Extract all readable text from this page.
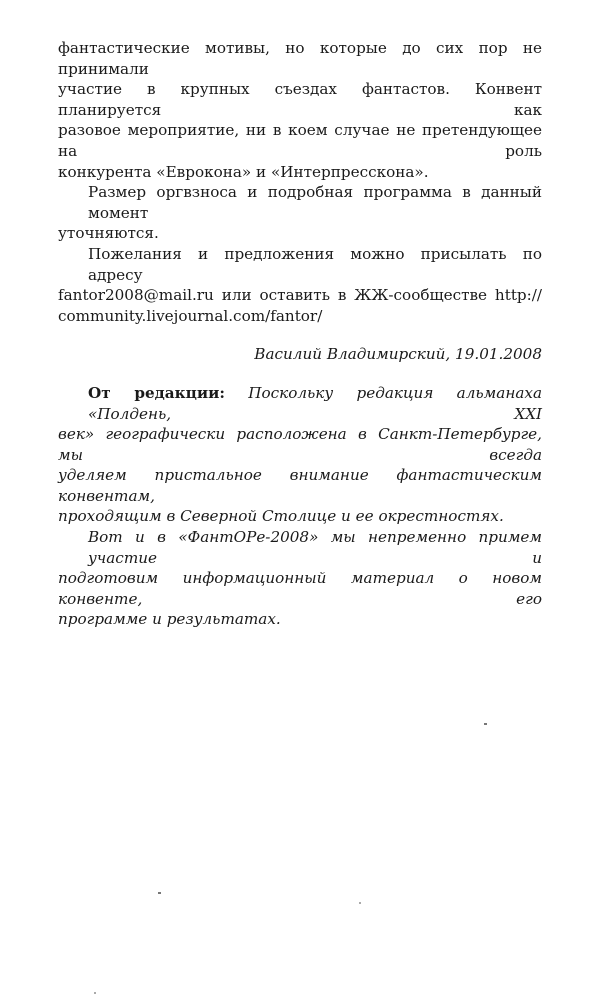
фантастические мотивы, но которые до сих пор не принимали
участие в крупных съездах фантастов. Конвент планируется как
разовое мероприятие, ни в коем случае не претендующее на роль
конкурента «Еврокона» и «Интерпресскона».

Размер оргвзноса и подробная программа в данный момент
уточняются.

Пожелания и предложения можно присылать по адресу
fantor2008@mail.ru или оставить в ЖЖ-сообществе http://
community.livejournal.com/fantor/

Василий Владимирский, 19.01.2008

От редакции: Поскольку редакция альманаха «Полдень, XXI
век» географически расположена в Санкт-Петербурге, мы всегда
уделяем пристальное внимание фантастическим конвентам,
проходящим в Северной Столице и ее окрестностях.

Вот и в «ФантОРе-2008» мы непременно примем участие и
подготовим информационный материал о новом конвенте, его
программе и результатах.
